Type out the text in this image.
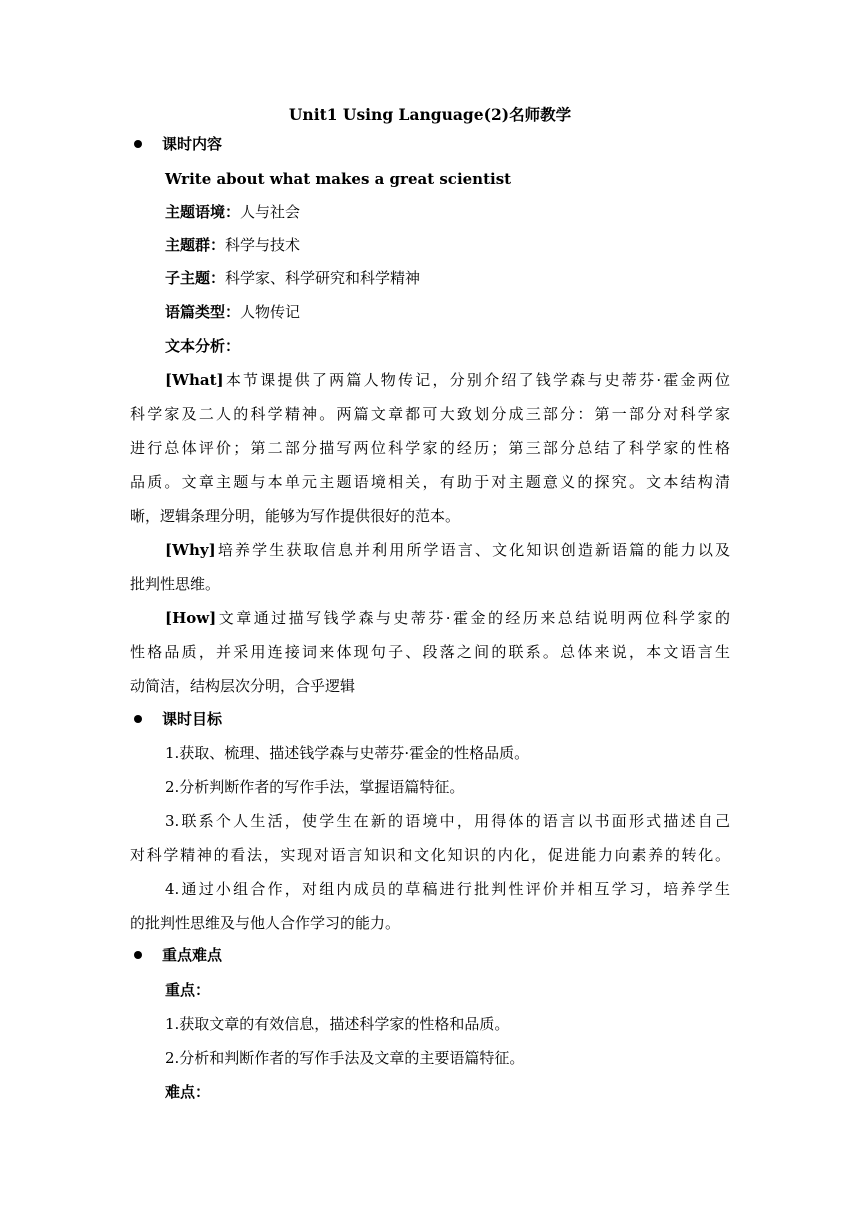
Unit1 Using Language(2)名师教学
课时内容
Write about what makes a great scientist
主题语境：人与社会
主题群：科学与技术
子主题：科学家、科学研究和科学精神
语篇类型：人物传记
文本分析：
[What]本节课提供了两篇人物传记，分别介绍了钱学森与史蒂芬·霍金两位
科学家及二人的科学精神。两篇文章都可大致划分成三部分：第一部分对科学家
进行总体评价；第二部分描写两位科学家的经历；第三部分总结了科学家的性格
品质。文章主题与本单元主题语境相关，有助于对主题意义的探究。文本结构清
晰，逻辑条理分明，能够为写作提供很好的范本。
[Why]培养学生获取信息并利用所学语言、文化知识创造新语篇的能力以及
批判性思维。
[How]文章通过描写钱学森与史蒂芬·霍金的经历来总结说明两位科学家的
性格品质，并采用连接词来体现句子、段落之间的联系。总体来说，本文语言生
动简洁，结构层次分明，合乎逻辑
课时目标
1.获取、梳理、描述钱学森与史蒂芬·霍金的性格品质。
2.分析判断作者的写作手法，掌握语篇特征。
3.联系个人生活，使学生在新的语境中，用得体的语言以书面形式描述自己
对科学精神的看法，实现对语言知识和文化知识的内化，促进能力向素养的转化。
4.通过小组合作，对组内成员的草稿进行批判性评价并相互学习，培养学生
的批判性思维及与他人合作学习的能力。
重点难点
重点：
1.获取文章的有效信息，描述科学家的性格和品质。
2.分析和判断作者的写作手法及文章的主要语篇特征。
难点：
